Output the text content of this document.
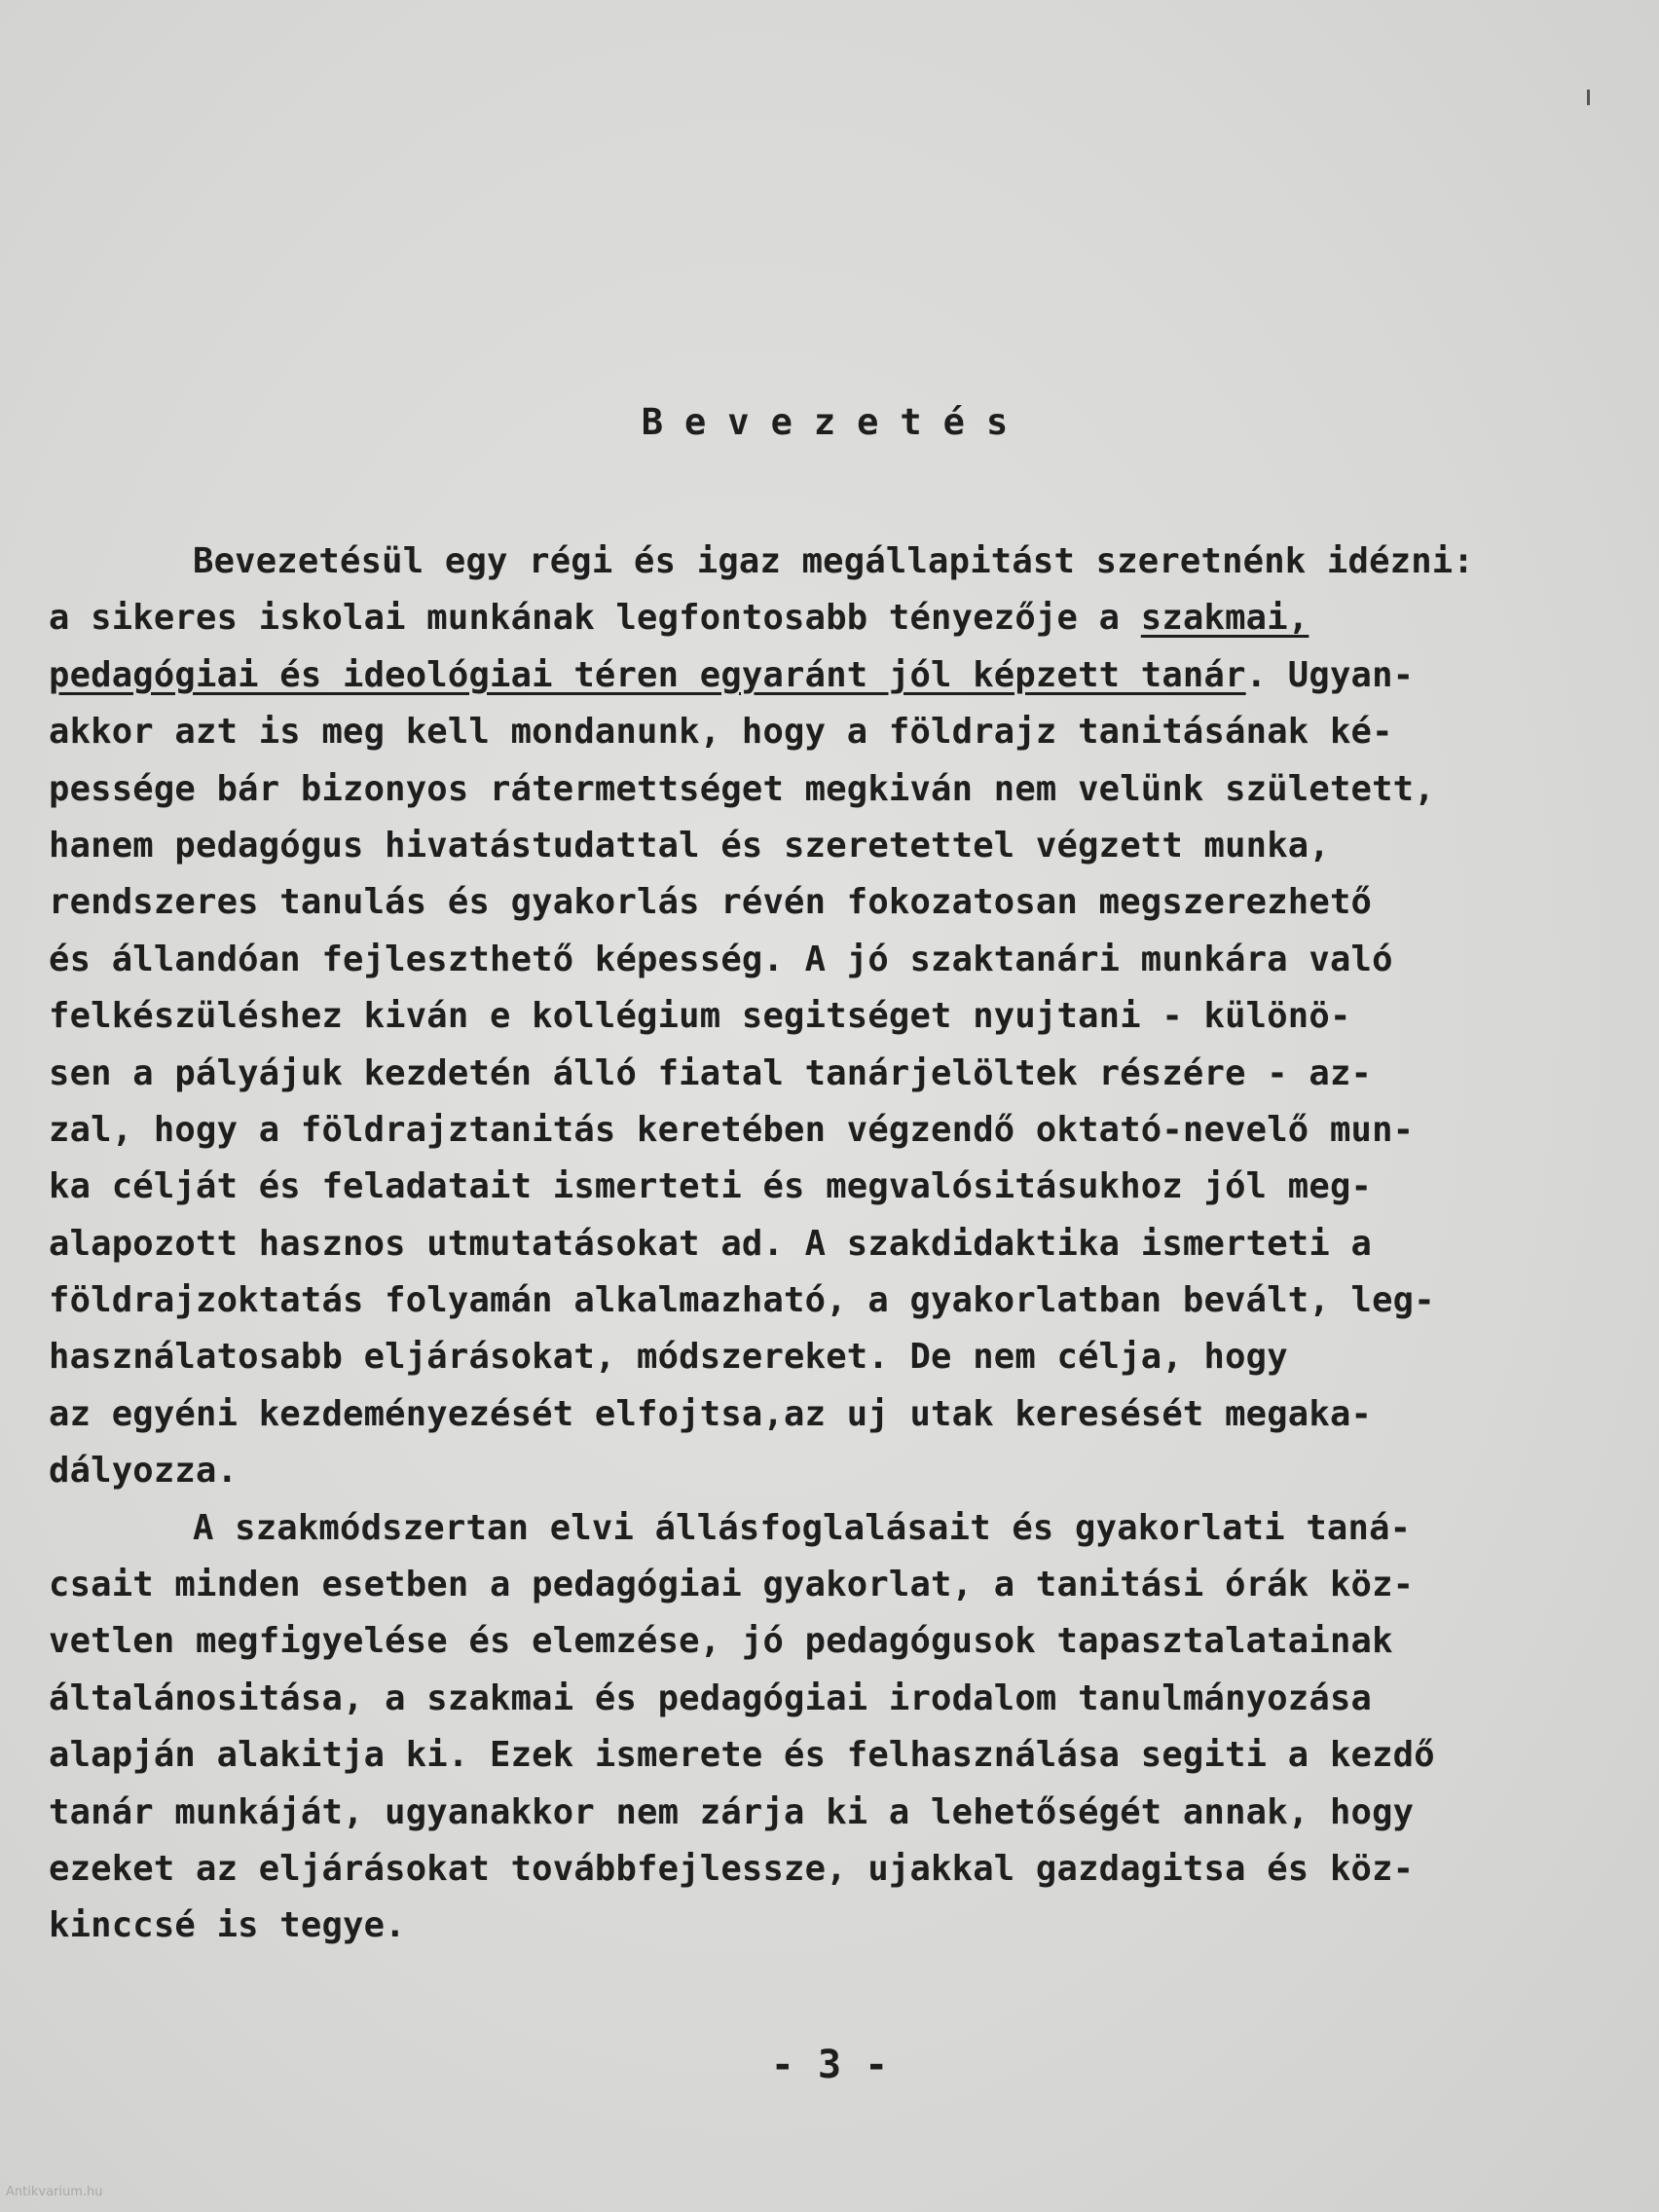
Bevezetés
Bevezetésül egy régi és igaz megállapitást szeretnénk idézni:
a sikeres iskolai munkának legfontosabb tényezője a szakmai,
pedagógiai és ideológiai téren egyaránt jól képzett tanár. Ugyan-
akkor azt is meg kell mondanunk, hogy a földrajz tanitásának ké-
pessége bár bizonyos rátermettséget megkiván nem velünk született,
hanem pedagógus hivatástudattal és szeretettel végzett munka,
rendszeres tanulás és gyakorlás révén fokozatosan megszerezhető
és állandóan fejleszthető képesség. A jó szaktanári munkára való
felkészüléshez kiván e kollégium segitséget nyujtani - különö-
sen a pályájuk kezdetén álló fiatal tanárjelöltek részére - az-
zal, hogy a földrajztanitás keretében végzendő oktató-nevelő mun-
ka célját és feladatait ismerteti és megvalósitásukhoz jól meg-
alapozott hasznos utmutatásokat ad. A szakdidaktika ismerteti a
földrajzoktatás folyamán alkalmazható, a gyakorlatban bevált, leg-
használatosabb eljárásokat, módszereket. De nem célja, hogy
az egyéni kezdeményezését elfojtsa,az uj utak keresését megaka-
dályozza.
A szakmódszertan elvi állásfoglalásait és gyakorlati taná-
csait minden esetben a pedagógiai gyakorlat, a tanitási órák köz-
vetlen megfigyelése és elemzése, jó pedagógusok tapasztalatainak
általánositása, a szakmai és pedagógiai irodalom tanulmányozása
alapján alakitja ki. Ezek ismerete és felhasználása segiti a kezdő
tanár munkáját, ugyanakkor nem zárja ki a lehetőségét annak, hogy
ezeket az eljárásokat továbbfejlessze, ujakkal gazdagitsa és köz-
kinccsé is tegye.
- 3 -
Antikvarium.hu
